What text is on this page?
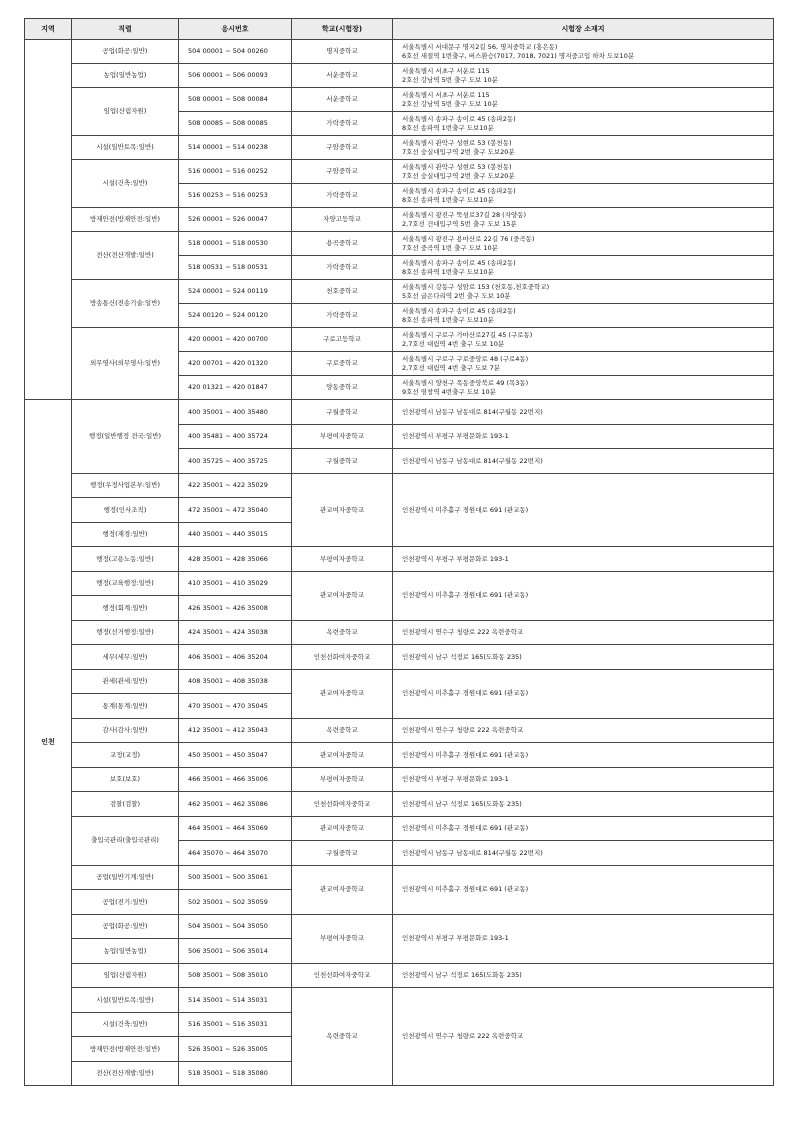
지역	직렬	응시번호	학교(시험장)	시험장 소재지
	공업(화공:일반)	504 00001 ~ 504 00260	명지중학교	서울특별시 서대문구 명지2길 56, 명지중학교 (홍은동)
6호선 새절역 1번출구, 버스환승(7017, 7018, 7021) 명지중고입 하차 도보10분

	농업(일반농업)	506 00001 ~ 506 00093	서운중학교	서울특별시 서초구 서운로 115
2호선 강남역 5번 출구 도보 10분

	임업(산림자원)	508 00001 ~ 508 00084	서운중학교	서울특별시 서초구 서운로 115
2호선 강남역 5번 출구 도보 10분

		508 00085 ~ 508 00085	가락중학교	서울특별시 송파구 송이로 45 (송파2동)
8호선 송파역 1번출구 도보10분

	시설(일반토목:일반)	514 00001 ~ 514 00238	구암중학교	서울특별시 관악구 성현로 53 (봉천동)
7호선 숭실대입구역 2번 출구 도보20분

	시설(건축:일반)	516 00001 ~ 516 00252	구암중학교	서울특별시 관악구 성현로 53 (봉천동)
7호선 숭실대입구역 2번 출구 도보20분

		516 00253 ~ 516 00253	가락중학교	서울특별시 송파구 송이로 45 (송파2동)
8호선 송파역 1번출구 도보10분

	방재안전(방재안전:일반)	526 00001 ~ 526 00047	자양고등학교	서울특별시 광진구 뚝섬로37길 28 (자양동)
2,7호선 건대입구역 5번 출구 도보 15분

	전산(전산개발:일반)	518 00001 ~ 518 00530	용곡중학교	서울특별시 광진구 용마산로 22길 76 (중곡동)
7호선 중곡역 1번 출구 도보 10분

		518 00531 ~ 518 00531	가락중학교	서울특별시 송파구 송이로 45 (송파2동)
8호선 송파역 1번출구 도보10분

	방송통신(전송기술:일반)	524 00001 ~ 524 00119	천호중학교	서울특별시 강동구 성암로 153 (천호동,천호중학교)
5호선 굽은다리역 2번 출구 도보 10분

		524 00120 ~ 524 00120	가락중학교	서울특별시 송파구 송이로 45 (송파2동)
8호선 송파역 1번출구 도보10분

	외무영사(외무영사:일반)	420 00001 ~ 420 00700	구로고등학교	서울특별시 구로구 가마산로27길 45 (구로동)
2,7호선 대림역 4번 출구 도보 10분

		420 00701 ~ 420 01320	구로중학교	서울특별시 구로구 구로중앙로 48 (구로4동)
2,7호선 대림역 4번 출구 도보 7분

		420 01321 ~ 420 01847	양동중학교	서울특별시 양천구 목동중앙북로 49 (목3동)
9호선 염창역 4번출구 도보 10분

인천	행정(일반행정 전국:일반)	400 35001 ~ 400 35480	구월중학교	인천광역시 남동구 남동대로 814(구월동 22번지)
		400 35481 ~ 400 35724	부평여자중학교	인천광역시 부평구 부평문화로 193-1
		400 35725 ~ 400 35725	구월중학교	인천광역시 남동구 남동대로 814(구월동 22번지)
	행정(우정사업본부:일반)	422 35001 ~ 422 35029	관교여자중학교	인천광역시 미추홀구 경원대로 691 (관교동)
	행정(인사조직)	472 35001 ~ 472 35040		
	행정(재경:일반)	440 35001 ~ 440 35015		
	행정(고용노동:일반)	428 35001 ~ 428 35066	부평여자중학교	인천광역시 부평구 부평문화로 193-1
	행정(교육행정:일반)	410 35001 ~ 410 35029	관교여자중학교	인천광역시 미추홀구 경원대로 691 (관교동)
	행정(회계:일반)	426 35001 ~ 426 35008		
	행정(선거행정:일반)	424 35001 ~ 424 35038	옥련중학교	인천광역시 연수구 청량로 222 옥련중학교
	세무(세무:일반)	406 35001 ~ 406 35204	인천선화여자중학교	인천광역시 남구 석정로 165(도화동 235)
	관세(관세:일반)	408 35001 ~ 408 35038	관교여자중학교	인천광역시 미추홀구 경원대로 691 (관교동)
	통계(통계:일반)	470 35001 ~ 470 35045		
	감사(감사:일반)	412 35001 ~ 412 35043	옥련중학교	인천광역시 연수구 청량로 222 옥련중학교
	교정(교정)	450 35001 ~ 450 35047	관교여자중학교	인천광역시 미추홀구 경원대로 691 (관교동)
	보호(보호)	466 35001 ~ 466 35006	부평여자중학교	인천광역시 부평구 부평문화로 193-1
	검찰(검찰)	462 35001 ~ 462 35086	인천선화여자중학교	인천광역시 남구 석정로 165(도화동 235)
	출입국관리(출입국관리)	464 35001 ~ 464 35069	관교여자중학교	인천광역시 미추홀구 경원대로 691 (관교동)
		464 35070 ~ 464 35070	구월중학교	인천광역시 남동구 남동대로 814(구월동 22번지)
	공업(일반기계:일반)	500 35001 ~ 500 35061	관교여자중학교	인천광역시 미추홀구 경원대로 691 (관교동)
	공업(전기:일반)	502 35001 ~ 502 35059		
	공업(화공:일반)	504 35001 ~ 504 35050	부평여자중학교	인천광역시 부평구 부평문화로 193-1
	농업(일반농업)	506 35001 ~ 506 35014		
	임업(산림자원)	508 35001 ~ 508 35010	인천선화여자중학교	인천광역시 남구 석정로 165(도화동 235)
	시설(일반토목:일반)	514 35001 ~ 514 35031	옥련중학교	인천광역시 연수구 청량로 222 옥련중학교
	시설(건축:일반)	516 35001 ~ 516 35031		
	방재안전(방재안전:일반)	526 35001 ~ 526 35005		
	전산(전산개발:일반)	518 35001 ~ 518 35080		
